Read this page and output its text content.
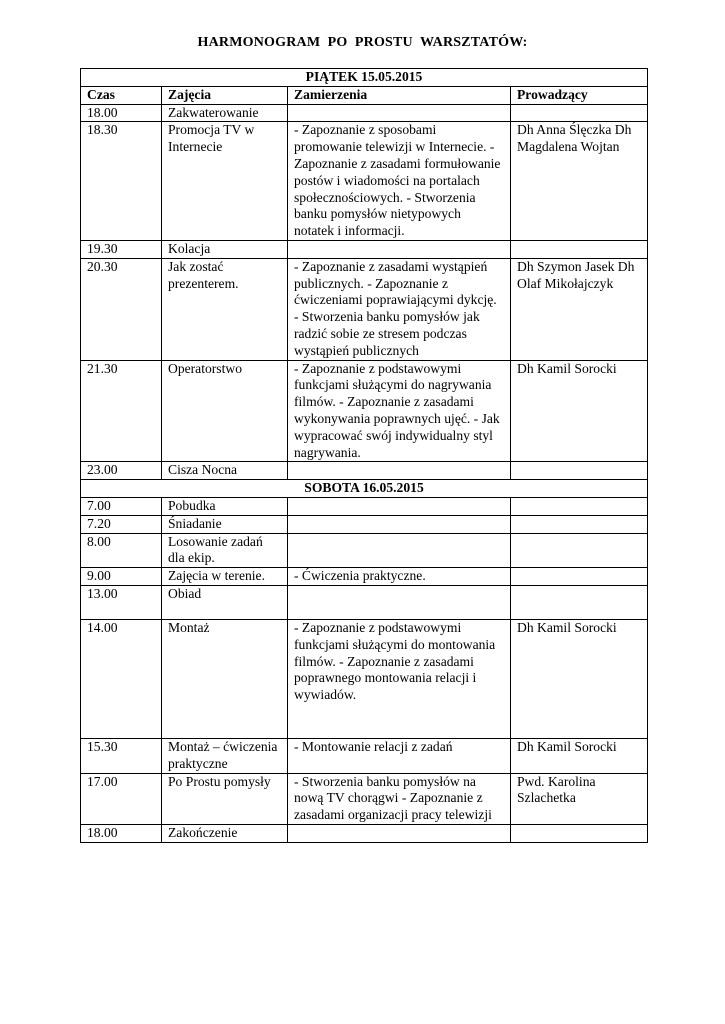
HARMONOGRAM  PO  PROSTU  WARSZTATÓW:
PIĄTEK 15.05.2015			
Czas	Zajęcia	Zamierzenia	Prowadzący
18.00	Zakwaterowanie		
18.30	Promocja TV w Internecie	- Zapoznanie z sposobami promowanie telewizji w Internecie. - Zapoznanie z zasadami formułowanie postów i wiadomości na portalach społecznościowych. - Stworzenia banku pomysłów nietypowych notatek i informacji.	Dh Anna Ślęczka Dh Magdalena Wojtan
19.30	Kolacja		
20.30	Jak zostać prezenterem.	- Zapoznanie z zasadami wystąpień publicznych. - Zapoznanie z ćwiczeniami poprawiającymi dykcję. - Stworzenia banku pomysłów jak radzić sobie ze stresem podczas wystąpień publicznych	Dh Szymon Jasek Dh Olaf Mikołajczyk
21.30	Operatorstwo	- Zapoznanie z podstawowymi funkcjami służącymi do nagrywania filmów. - Zapoznanie z zasadami wykonywania poprawnych ujęć. - Jak wypracować swój indywidualny styl nagrywania.	Dh Kamil Sorocki
23.00	Cisza Nocna		
SOBOTA 16.05.2015			
7.00	Pobudka		
7.20	Śniadanie		
8.00	Losowanie zadań dla ekip.		
9.00	Zajęcia w terenie.	- Ćwiczenia praktyczne.	
13.00	Obiad		
14.00	Montaż	- Zapoznanie z podstawowymi funkcjami służącymi do montowania filmów. - Zapoznanie z zasadami poprawnego montowania relacji i wywiadów.	Dh Kamil Sorocki
15.30	Montaż – ćwiczenia praktyczne	- Montowanie relacji z zadań	Dh Kamil Sorocki
17.00	Po Prostu pomysły	- Stworzenia banku pomysłów na nową TV chorągwi - Zapoznanie z zasadami organizacji pracy telewizji	Pwd. Karolina Szlachetka
18.00	Zakończenie		
